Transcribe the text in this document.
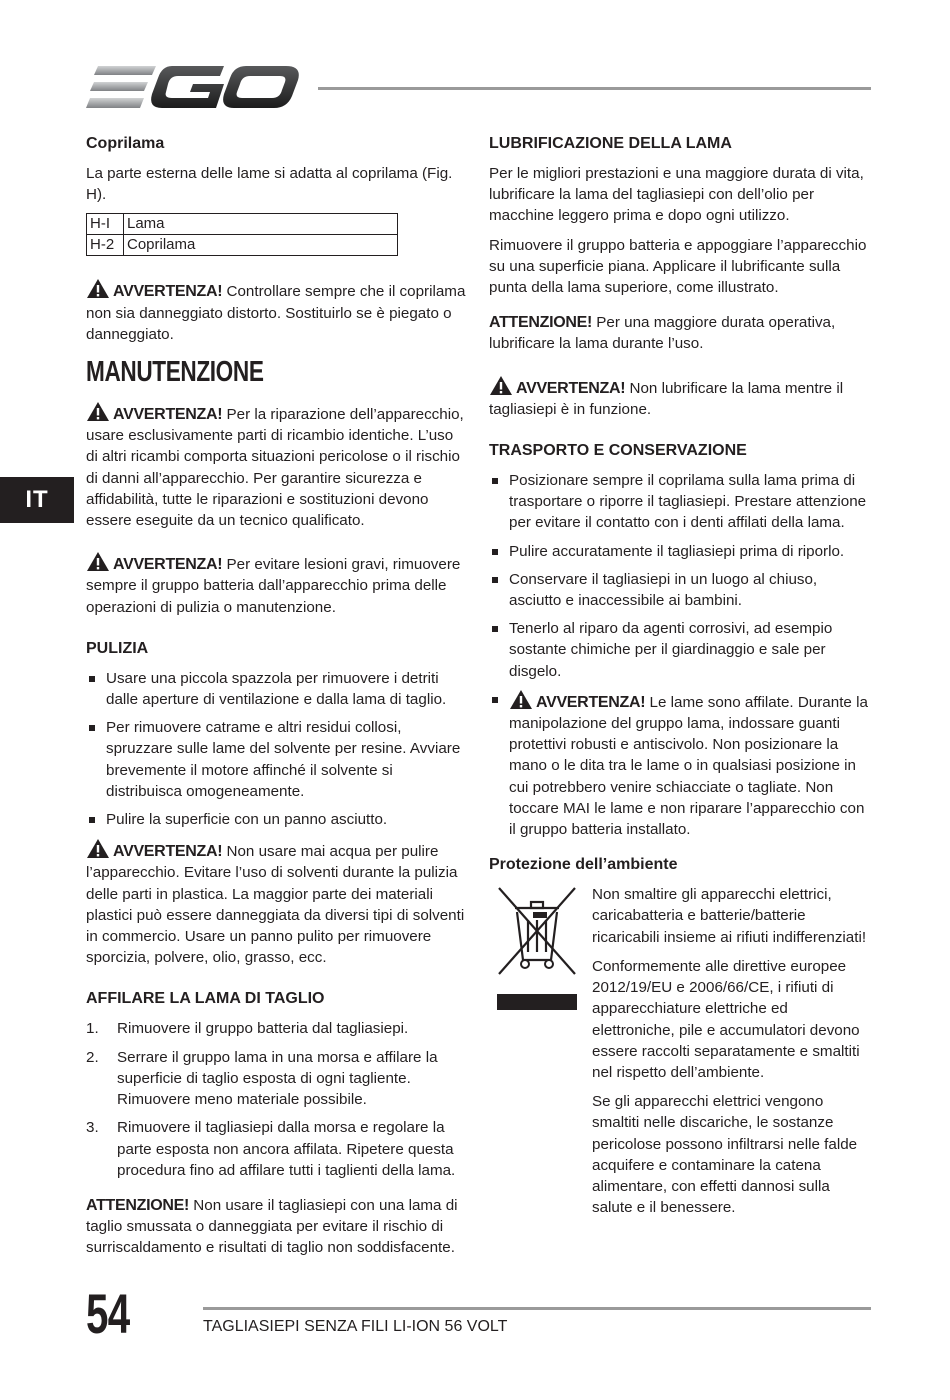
IT
Coprilama

La parte esterna delle lame si adatta al coprilama (Fig. H).

H-I	Lama
H-2	Coprilama

AVVERTENZA! Controllare sempre che il coprilama non sia danneggiato distorto. Sostituirlo se è piegato o danneggiato.

MANUTENZIONE

AVVERTENZA! Per la riparazione dell’apparecchio, usare esclusivamente parti di ricambio identiche. L’uso di altri ricambi comporta situazioni pericolose o il rischio di danni all’apparecchio. Per garantire sicurezza e affidabilità, tutte le riparazioni e sostituzioni devono essere eseguite da un tecnico qualificato.

AVVERTENZA! Per evitare lesioni gravi, rimuovere sempre il gruppo batteria dall’apparecchio prima delle operazioni di pulizia o manutenzione.

PULIZIA
Usare una piccola spazzola per rimuovere i detriti dalle aperture di ventilazione e dalla lama di taglio.
Per rimuovere catrame e altri residui collosi, spruzzare sulle lame del solvente per resine. Avviare brevemente il motore affinché il solvente si distribuisca omogeneamente.
Pulire la superficie con un panno asciutto.

AVVERTENZA! Non usare mai acqua per pulire l’apparecchio. Evitare l’uso di solventi durante la pulizia delle parti in plastica. La maggior parte dei materiali plastici può essere danneggiata da diversi tipi di solventi in commercio. Usare un panno pulito per rimuovere sporcizia, polvere, olio, grasso, ecc.

AFFILARE LA LAMA DI TAGLIO
1. Rimuovere il gruppo batteria dal tagliasiepi.
2. Serrare il gruppo lama in una morsa e affilare la superficie di taglio esposta di ogni tagliente. Rimuovere meno materiale possibile.
3. Rimuovere il tagliasiepi dalla morsa e regolare la parte esposta non ancora affilata. Ripetere questa procedura fino ad affilare tutti i taglienti della lama.

ATTENZIONE! Non usare il tagliasiepi con una lama di taglio smussata o danneggiata per evitare il rischio di surriscaldamento e risultati di taglio non soddisfacente.

LUBRIFICAZIONE DELLA LAMA

Per le migliori prestazioni e una maggiore durata di vita, lubrificare la lama del tagliasiepi con dell’olio per macchine leggero prima e dopo ogni utilizzo.

Rimuovere il gruppo batteria e appoggiare l’apparecchio su una superficie piana. Applicare il lubrificante sulla punta della lama superiore, come illustrato.

ATTENZIONE! Per una maggiore durata operativa, lubrificare la lama durante l’uso.

AVVERTENZA! Non lubrificare la lama mentre il tagliasiepi è in funzione.

TRASPORTO E CONSERVAZIONE
Posizionare sempre il coprilama sulla lama prima di trasportare o riporre il tagliasiepi. Prestare attenzione per evitare il contatto con i denti affilati della lama.
Pulire accuratamente il tagliasiepi prima di riporlo.
Conservare il tagliasiepi in un luogo al chiuso, asciutto e inaccessibile ai bambini.
Tenerlo al riparo da agenti corrosivi, ad esempio sostante chimiche per il giardinaggio e sale per disgelo.
AVVERTENZA! Le lame sono affilate. Durante la manipolazione del gruppo lama, indossare guanti protettivi robusti e antiscivolo. Non posizionare la mano o le dita tra le lame o in qualsiasi posizione in cui potrebbero venire schiacciate o tagliate. Non toccare MAI le lame e non riparare l’apparecchio con il gruppo batteria installato.
Protezione dell’ambiente

Non smaltire gli apparecchi elettrici, caricabatteria e batterie/batterie ricaricabili insieme ai rifiuti indifferenziati!

Conformemente alle direttive europee 2012/19/EU e 2006/66/CE, i rifiuti di apparecchiature elettriche ed elettroniche, pile e accumulatori devono essere raccolti separatamente e smaltiti nel rispetto dell’ambiente.

Se gli apparecchi elettrici vengono smaltiti nelle discariche, le sostanze pericolose possono infiltrarsi nelle falde acquifere e contaminare la catena alimentare, con effetti dannosi sulla salute e il benessere.

54	TAGLIASIEPI SENZA FILI LI-ION 56 VOLT
